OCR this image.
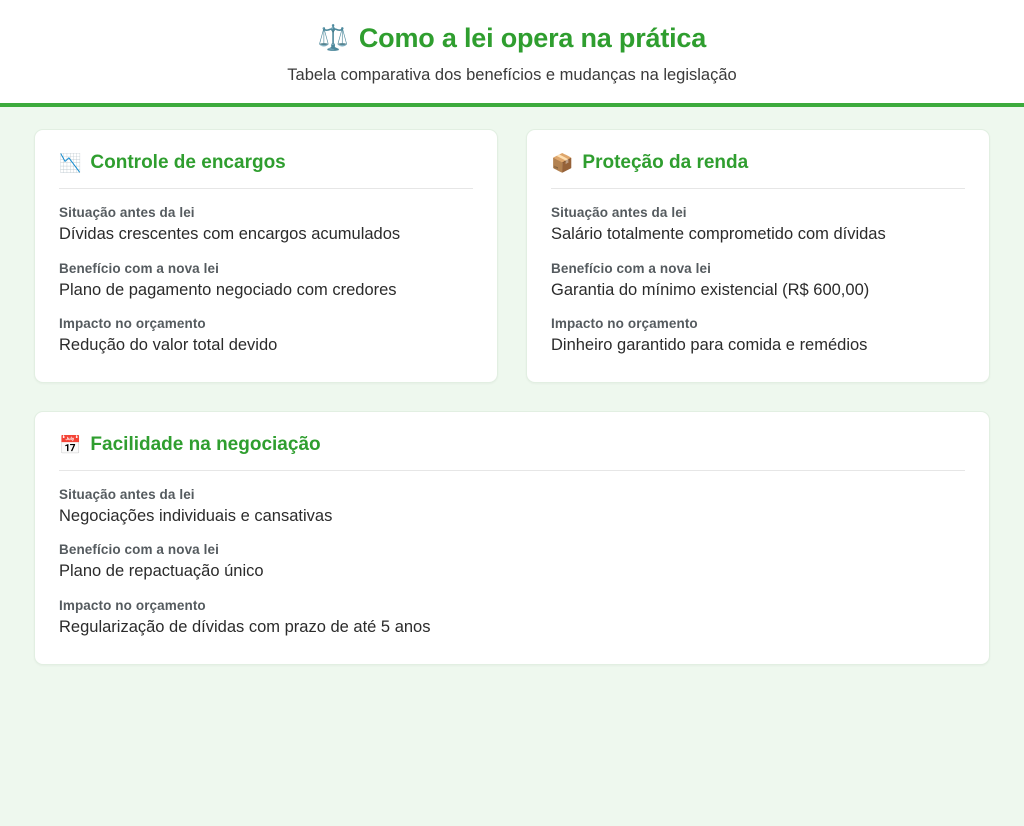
⚖️ Como a lei opera na prática

Tabela comparativa dos benefícios e mudanças na legislação

📉 Controle de encargos
Situação antes da lei
Dívidas crescentes com encargos acumulados
Benefício com a nova lei
Plano de pagamento negociado com credores
Impacto no orçamento
Redução do valor total devido
📦 Proteção da renda
Situação antes da lei
Salário totalmente comprometido com dívidas
Benefício com a nova lei
Garantia do mínimo existencial (R$ 600,00)
Impacto no orçamento
Dinheiro garantido para comida e remédios
📅 Facilidade na negociação
Situação antes da lei
Negociações individuais e cansativas
Benefício com a nova lei
Plano de repactuação único
Impacto no orçamento
Regularização de dívidas com prazo de até 5 anos
